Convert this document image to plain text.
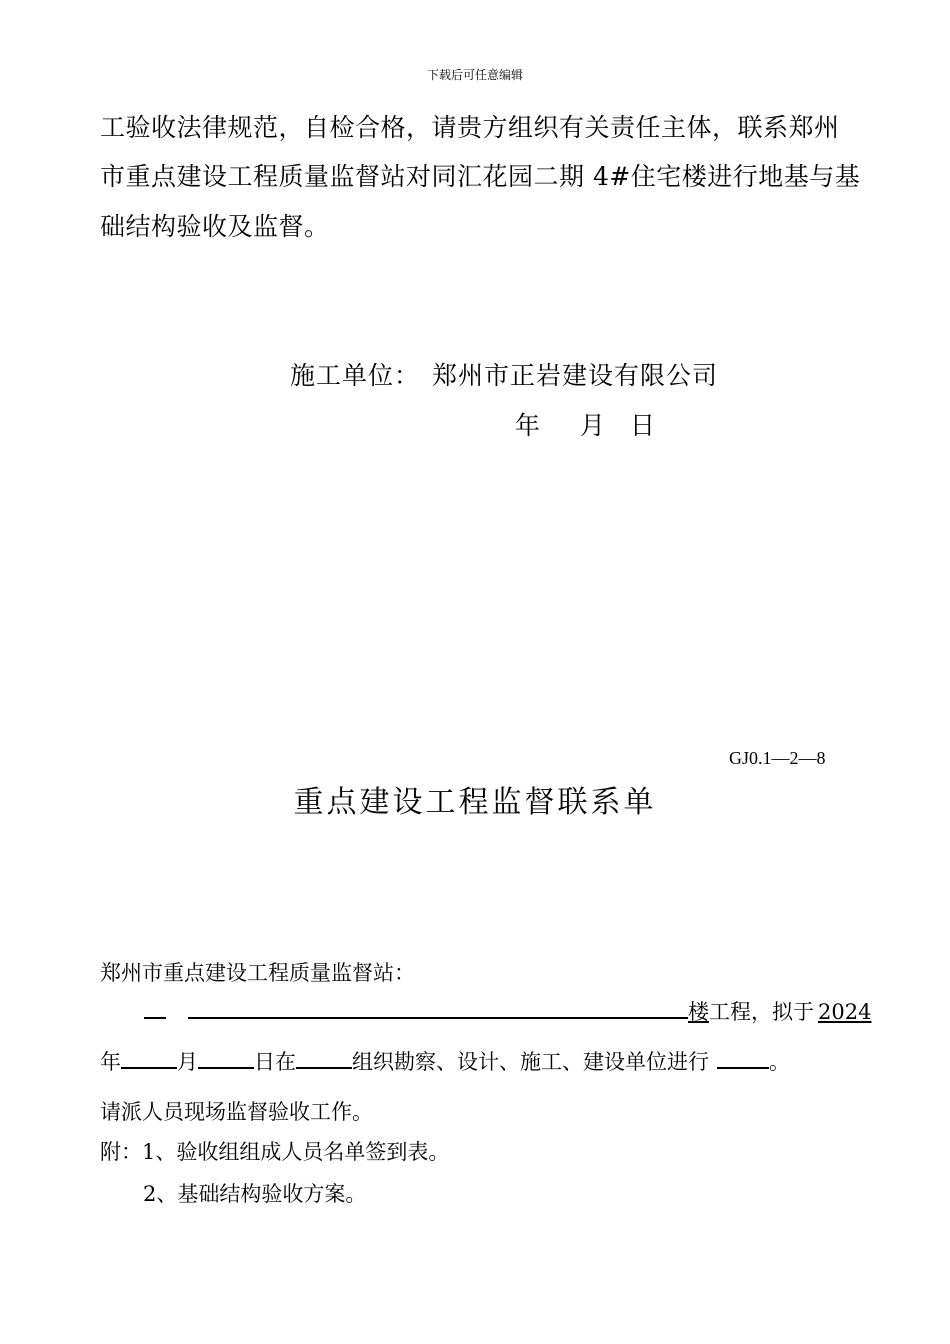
下载后可任意编辑
工验收法律规范，自检合格，请贵方组织有关责任主体，联系郑州
市重点建设工程质量监督站对同汇花园二期 4#住宅楼进行地基与基
础结构验收及监督。
施工单位： 郑州市正岩建设有限公司
年 月 日
GJ0.1—2—8
重点建设工程监督联系单
郑州市重点建设工程质量监督站：
楼工程，拟于 2024
年	月	日在	组织勘察、设计、施工、建设单位进行	。
请派人员现场监督验收工作。
附：1、验收组组成人员名单签到表。
2、基础结构验收方案。
